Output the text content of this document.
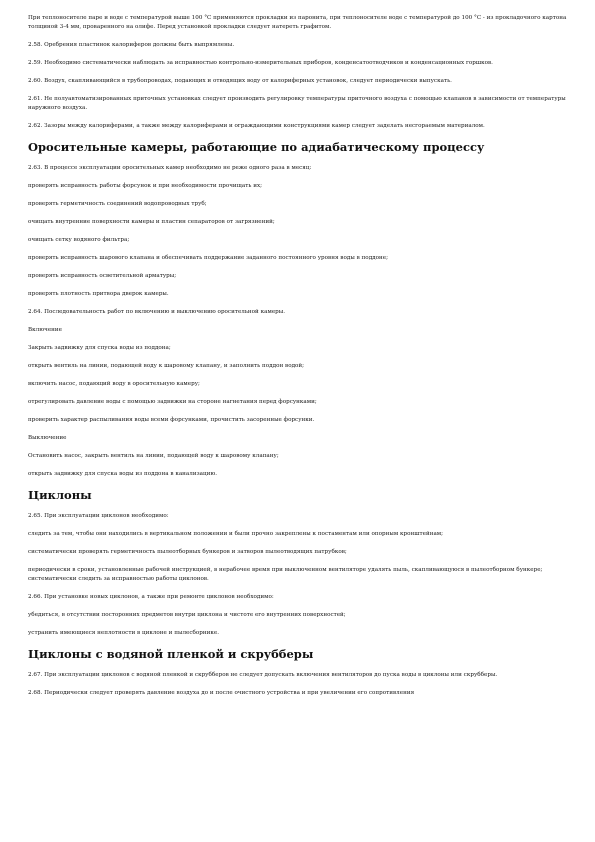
При теплоносителе паре и воде с температурой выше 100 °С применяются прокладки из паронита, при теплоносителе воде с температурой до 100 °С - из прокладочного картона толщиной 3-4 мм, проваренного на олифе. Перед установкой прокладки следует натереть графитом.

2.58. Оребрения пластинок калориферов должны быть выпрямлены.

2.59. Необходимо систематически наблюдать за исправностью контрольно-измерительных приборов, конденсатоотводчиков и конденсационных горшков.

2.60. Воздух, скапливающийся в трубопроводах, подающих и отводящих воду от калориферных установок, следует периодически выпускать.

2.61. Не полуавтоматизированных приточных установках следует производить регулировку температуры приточного воздуха с помощью клапанов в зависимости от температуры наружного воздуха.

2.62. Зазоры между калориферами, а также между калориферами и ограждающими конструкциями камер следует заделать несгораемым материалом.

Оросительные камеры, работающие по адиабатическому процессу

2.63. В процессе эксплуатации оросительных камер необходимо не реже одного раза в месяц:

проверять исправность работы форсунок и при необходимости прочищать их;

проверять герметичность соединений водопроводных труб;

очищать внутренние поверхности камеры и пластин сепараторов от загрязнений;

очищать сетку водяного фильтра;

проверять исправность шарового клапана и обеспечивать поддержание заданного постоянного уровня воды в поддоне;

проверять исправность осветительной арматуры;

проверять плотность притвора дверок камеры.

2.64. Последовательность работ по включению и выключению оросительной камеры.

Включение

Закрыть задвижку для спуска воды из поддона;

открыть вентиль на линии, подающей воду к шаровому клапану, и заполнить поддон водой;

включить насос, подающий воду в оросительную камеру;

отрегулировать давление воды с помощью задвижки на стороне нагнетания перед форсунками;

проверить характер распыливания воды всеми форсунками, прочистить засоренные форсунки.

Выключение

Остановить насос, закрыть вентиль на линии, подающей воду к шаровому клапану;

открыть задвижку для спуска воды из поддона в канализацию.

Циклоны

2.65. При эксплуатации циклонов необходимо:

следить за тем, чтобы они находились в вертикальном положении и были прочно закреплены к постаментам или опорным кронштейнам;

систематически проверять герметичность пылеотборных бункеров и затворов пылеотводящих патрубков;

периодически в сроки, установленные рабочей инструкцией, в нерабочее время при выключенном вентиляторе удалять пыль, скапливающуюся в пылеотборном бункере; систематически следить за исправностью работы циклонов.

2.66. При установке новых циклонов, а также при ремонте циклонов необходимо:

убедиться, в отсутствии посторонних предметов внутри циклона и чистоте его внутренних поверхностей;

устранить имеющиеся неплотности в циклоне и пылесборнике.

Циклоны с водяной пленкой и скрубберы

2.67. При эксплуатации циклонов с водяной пленкой и скрубберов не следует допускать включения вентиляторов до пуска воды в циклоны или скрубберы.

2.68. Периодически следует проверять давление воздуха до и после очистного устройства и при увеличении его сопротивления
